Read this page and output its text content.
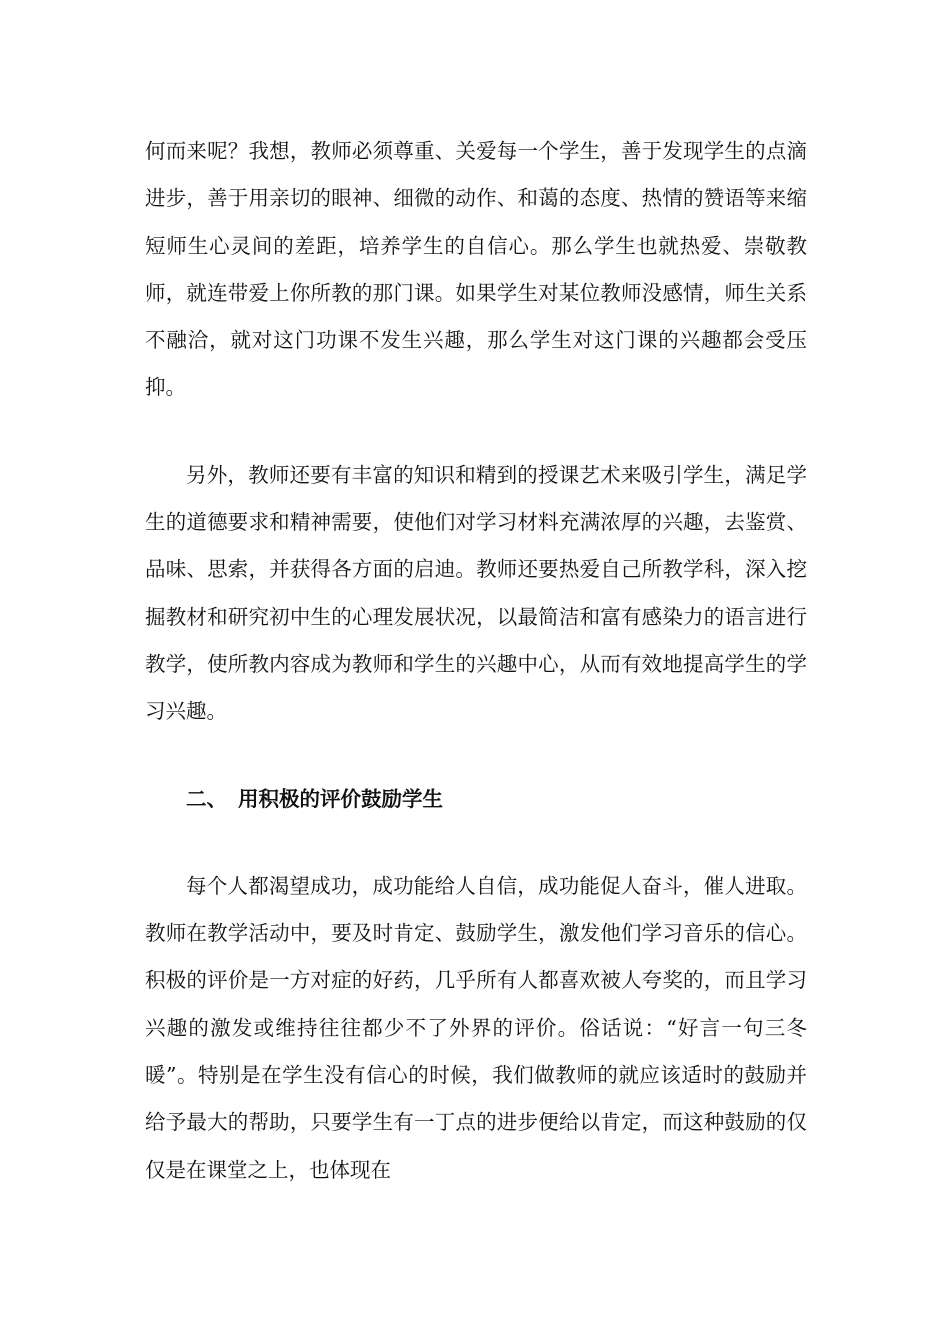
何而来呢？我想，教师必须尊重、关爱每一个学生，善于发现学生的点滴进步，善于用亲切的眼神、细微的动作、和蔼的态度、热情的赞语等来缩短师生心灵间的差距，培养学生的自信心。那么学生也就热爱、崇敬教师，就连带爱上你所教的那门课。如果学生对某位教师没感情，师生关系不融洽，就对这门功课不发生兴趣，那么学生对这门课的兴趣都会受压抑。

另外，教师还要有丰富的知识和精到的授课艺术来吸引学生，满足学生的道德要求和精神需要，使他们对学习材料充满浓厚的兴趣，去鉴赏、品味、思索，并获得各方面的启迪。教师还要热爱自己所教学科，深入挖掘教材和研究初中生的心理发展状况，以最简洁和富有感染力的语言进行教学，使所教内容成为教师和学生的兴趣中心，从而有效地提高学生的学习兴趣。

二、 用积极的评价鼓励学生

每个人都渴望成功，成功能给人自信，成功能促人奋斗，催人进取。教师在教学活动中，要及时肯定、鼓励学生，激发他们学习音乐的信心。积极的评价是一方对症的好药，几乎所有人都喜欢被人夸奖的，而且学习兴趣的激发或维持往往都少不了外界的评价。俗话说：“好言一句三冬暖”。特别是在学生没有信心的时候，我们做教师的就应该适时的鼓励并给予最大的帮助，只要学生有一丁点的进步便给以肯定，而这种鼓励的仅仅是在课堂之上，也体现在
